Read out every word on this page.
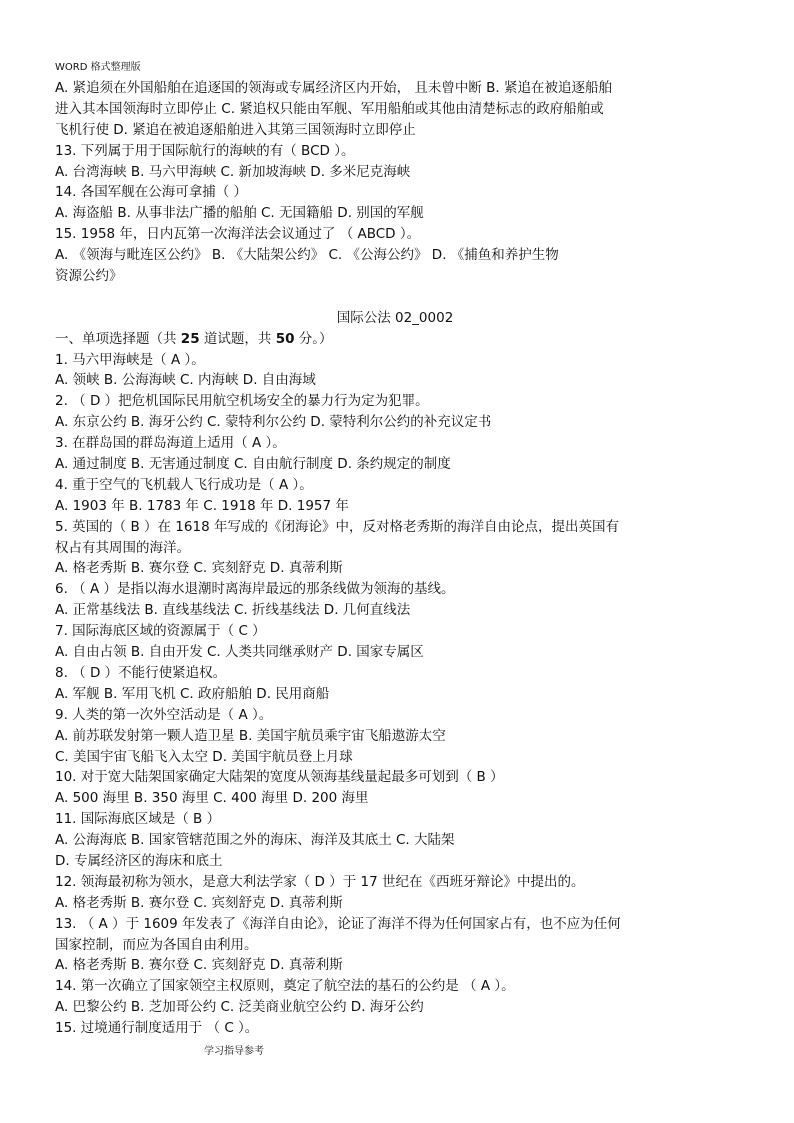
WORD 格式整理版
A. 紧追须在外国船舶在追逐国的领海或专属经济区内开始， 且未曾中断 B. 紧追在被追逐船舶
进入其本国领海时立即停止 C. 紧追权只能由军舰、军用船舶或其他由清楚标志的政府船舶或
飞机行使 D. 紧追在被追逐船舶进入其第三国领海时立即停止
13. 下列属于用于国际航行的海峡的有（ BCD ）。
A. 台湾海峡 B. 马六甲海峡 C. 新加坡海峡 D. 多米尼克海峡
14. 各国军舰在公海可拿捕（ ）
A. 海盗船 B. 从事非法广播的船舶 C. 无国籍船 D. 别国的军舰
15. 1958 年，日内瓦第一次海洋法会议通过了 （ ABCD ）。
A. 《领海与毗连区公约》 B. 《大陆架公约》 C. 《公海公约》 D. 《捕鱼和养护生物
资源公约》
国际公法 02_0002
一、单项选择题（共 25 道试题，共 50 分。）
1. 马六甲海峡是（ A ）。
A. 领峡 B. 公海海峡 C. 内海峡 D. 自由海域
2. （ D ）把危机国际民用航空机场安全的暴力行为定为犯罪。
A. 东京公约 B. 海牙公约 C. 蒙特利尔公约 D. 蒙特利尔公约的补充议定书
3. 在群岛国的群岛海道上适用（ A ）。
A. 通过制度 B. 无害通过制度 C. 自由航行制度 D. 条约规定的制度
4. 重于空气的飞机载人飞行成功是（ A ）。
A. 1903 年 B. 1783 年 C. 1918 年 D. 1957 年
5. 英国的（ B ）在 1618 年写成的《闭海论》中，反对格老秀斯的海洋自由论点，提出英国有
权占有其周围的海洋。
A. 格老秀斯 B. 赛尔登 C. 宾刻舒克 D. 真蒂利斯
6. （ A ）是指以海水退潮时离海岸最远的那条线做为领海的基线。
A. 正常基线法 B. 直线基线法 C. 折线基线法 D. 几何直线法
7. 国际海底区域的资源属于（ C ）
A. 自由占领 B. 自由开发 C. 人类共同继承财产 D. 国家专属区
8. （ D ）不能行使紧追权。
A. 军舰 B. 军用飞机 C. 政府船舶 D. 民用商船
9. 人类的第一次外空活动是（ A ）。
A. 前苏联发射第一颗人造卫星 B. 美国宇航员乘宇宙飞船遨游太空
C. 美国宇宙飞船飞入太空 D. 美国宇航员登上月球
10. 对于宽大陆架国家确定大陆架的宽度从领海基线量起最多可划到（ B ）
A. 500 海里 B. 350 海里 C. 400 海里 D. 200 海里
11. 国际海底区域是（ B ）
A. 公海海底 B. 国家管辖范围之外的海床、海洋及其底土 C. 大陆架
D. 专属经济区的海床和底土
12. 领海最初称为领水，是意大利法学家（ D ）于 17 世纪在《西班牙辩论》中提出的。
A. 格老秀斯 B. 赛尔登 C. 宾刻舒克 D. 真蒂利斯
13. （ A ）于 1609 年发表了《海洋自由论》，论证了海洋不得为任何国家占有，也不应为任何
国家控制，而应为各国自由利用。
A. 格老秀斯 B. 赛尔登 C. 宾刻舒克 D. 真蒂利斯
14. 第一次确立了国家领空主权原则，奠定了航空法的基石的公约是 （ A ）。
A. 巴黎公约 B. 芝加哥公约 C. 泛美商业航空公约 D. 海牙公约
15. 过境通行制度适用于 （ C ）。
学习指导参考
